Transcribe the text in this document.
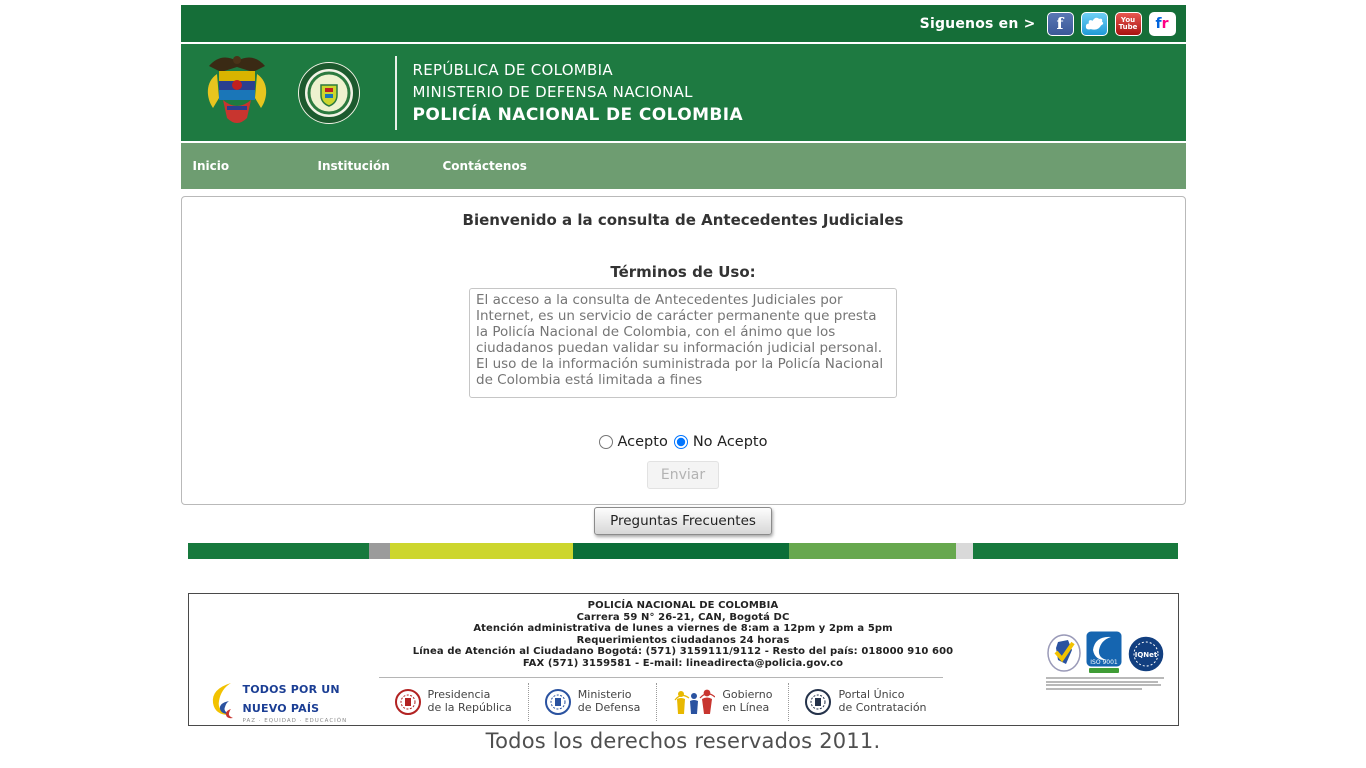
Siguenos en > f	You
Tube f r
REPÚBLICA DE COLOMBIA
MINISTERIO DE DEFENSA NACIONAL
POLICÍA NACIONAL DE COLOMBIA
Inicio	Institución	Contáctenos
Bienvenido a la consulta de Antecedentes Judiciales
Términos de Uso:
El acceso a la consulta de Antecedentes Judiciales por Internet, es un servicio de carácter permanente que presta la Policía Nacional de Colombia, con el ánimo que los ciudadanos puedan validar su información judicial personal. El uso de la información suministrada por la Policía Nacional de Colombia está limitada a fines
Acepto No Acepto
Enviar
Preguntas Frecuentes
POLICÍA NACIONAL DE COLOMBIA
Carrera 59 N° 26-21, CAN, Bogotá DC
Atención administrativa de lunes a viernes de 8:am a 12pm y 2pm a 5pm
Requerimientos ciudadanos 24 horas
Línea de Atención al Ciudadano Bogotá: (571) 3159111/9112 - Resto del país: 018000 910 600
FAX (571) 3159581 - E-mail: lineadirecta@policia.gov.co	ISO 9001
IQNet
TODOS POR UN
NUEVO PAÍS
PAZ · EQUIDAD · EDUCACIÓN
Presidencia
de la República
Ministerio
de Defensa
Gobierno
en Línea
Portal Único
de Contratación
Todos los derechos reservados 2011.
